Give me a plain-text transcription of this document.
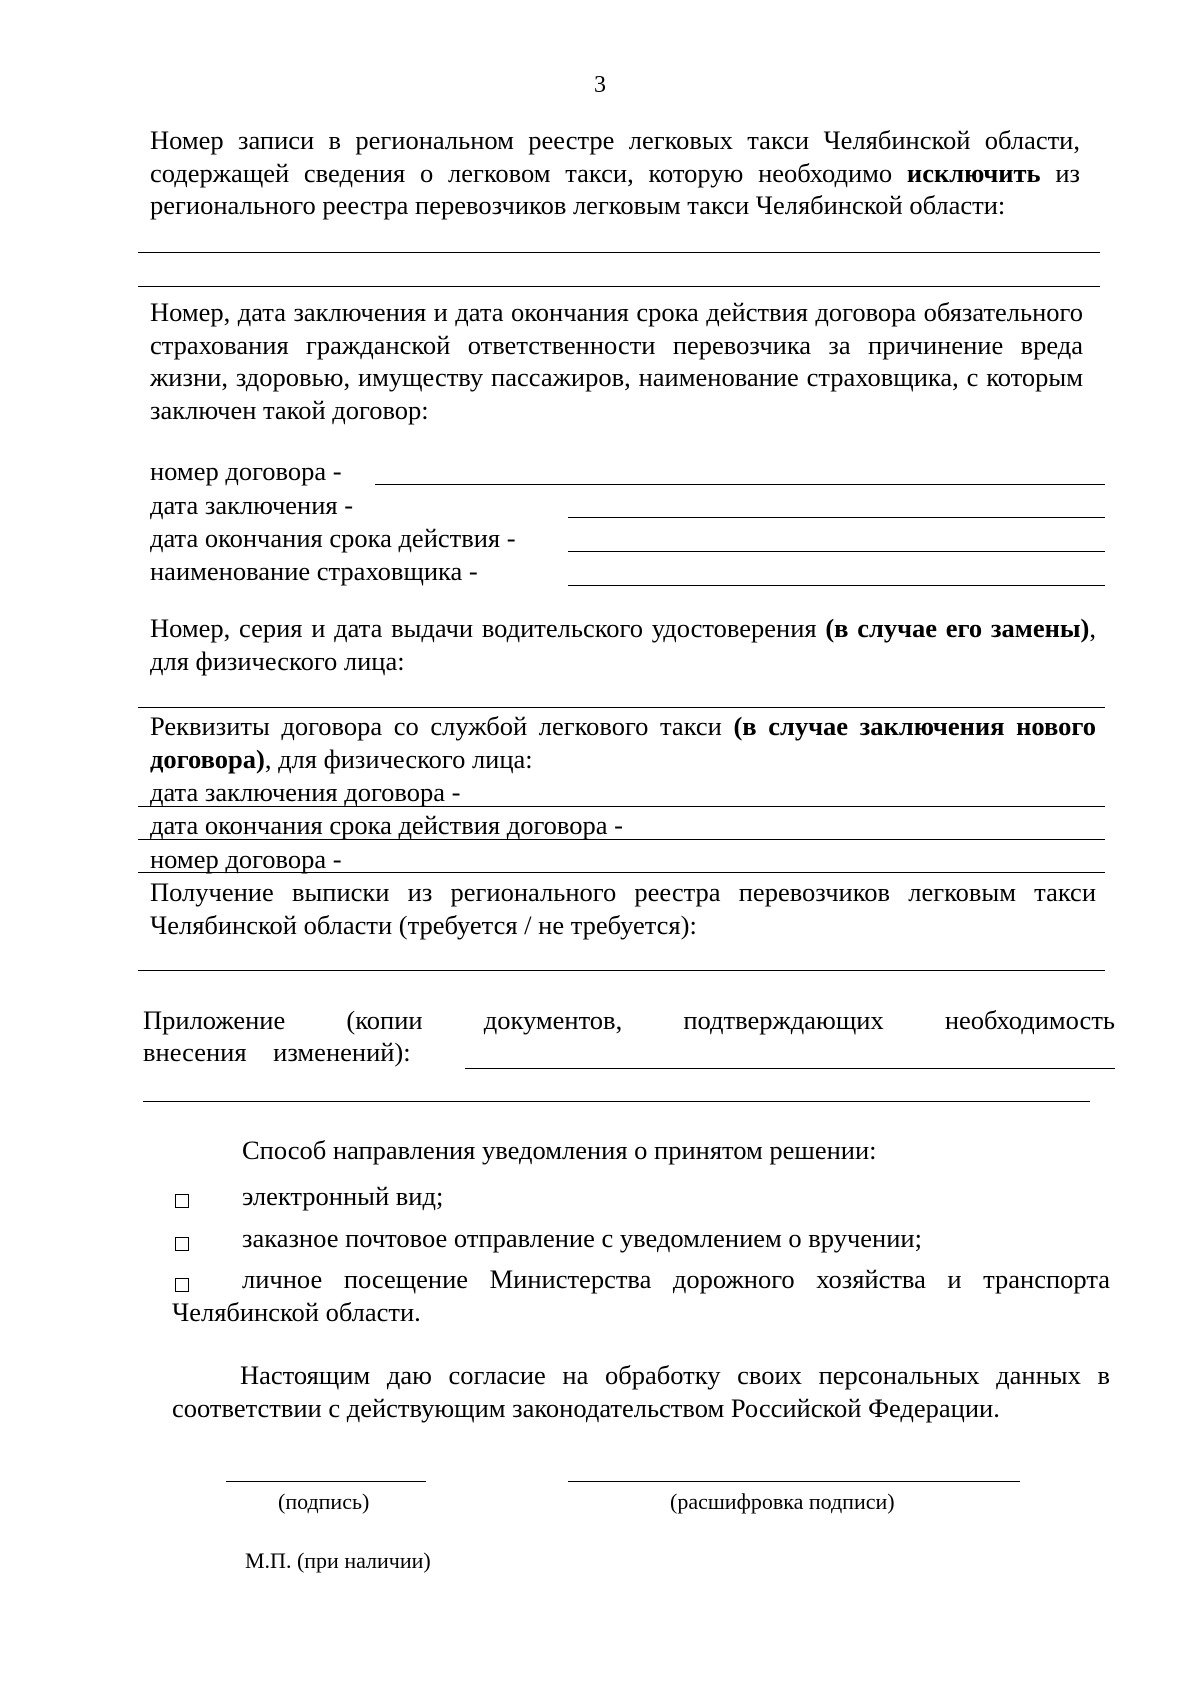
3
Номер записи в региональном реестре легковых такси Челябинской области, содержащей сведения о легковом такси, которую необходимо исключить из регионального реестра перевозчиков легковым такси Челябинской области:
Номер, дата заключения и дата окончания срока действия договора обязательного страхования гражданской ответственности перевозчика за причинение вреда жизни, здоровью, имуществу пассажиров, наименование страховщика, с которым заключен такой договор:
номер договора -
дата заключения -
дата окончания срока действия -
наименование страховщика -
Номер, серия и дата выдачи водительского удостоверения (в случае его замены), для физического лица:
Реквизиты договора со службой легкового такси (в случае заключения нового договора), для физического лица:
дата заключения договора -
дата окончания срока действия договора -
номер договора -
Получение выписки из регионального реестра перевозчиков легковым такси Челябинской области (требуется / не требуется):
Приложение (копии документов, подтверждающих необходимость
внесения изменений):
Способ направления уведомления о принятом решении:
электронный вид;
заказное почтовое отправление с уведомлением о вручении;
личное посещение Министерства дорожного хозяйства и транспорта
Челябинской области.
Настоящим даю согласие на обработку своих персональных данных в
соответствии с действующим законодательством Российской Федерации.
(подпись)	(расшифровка подписи)
М.П. (при наличии)
